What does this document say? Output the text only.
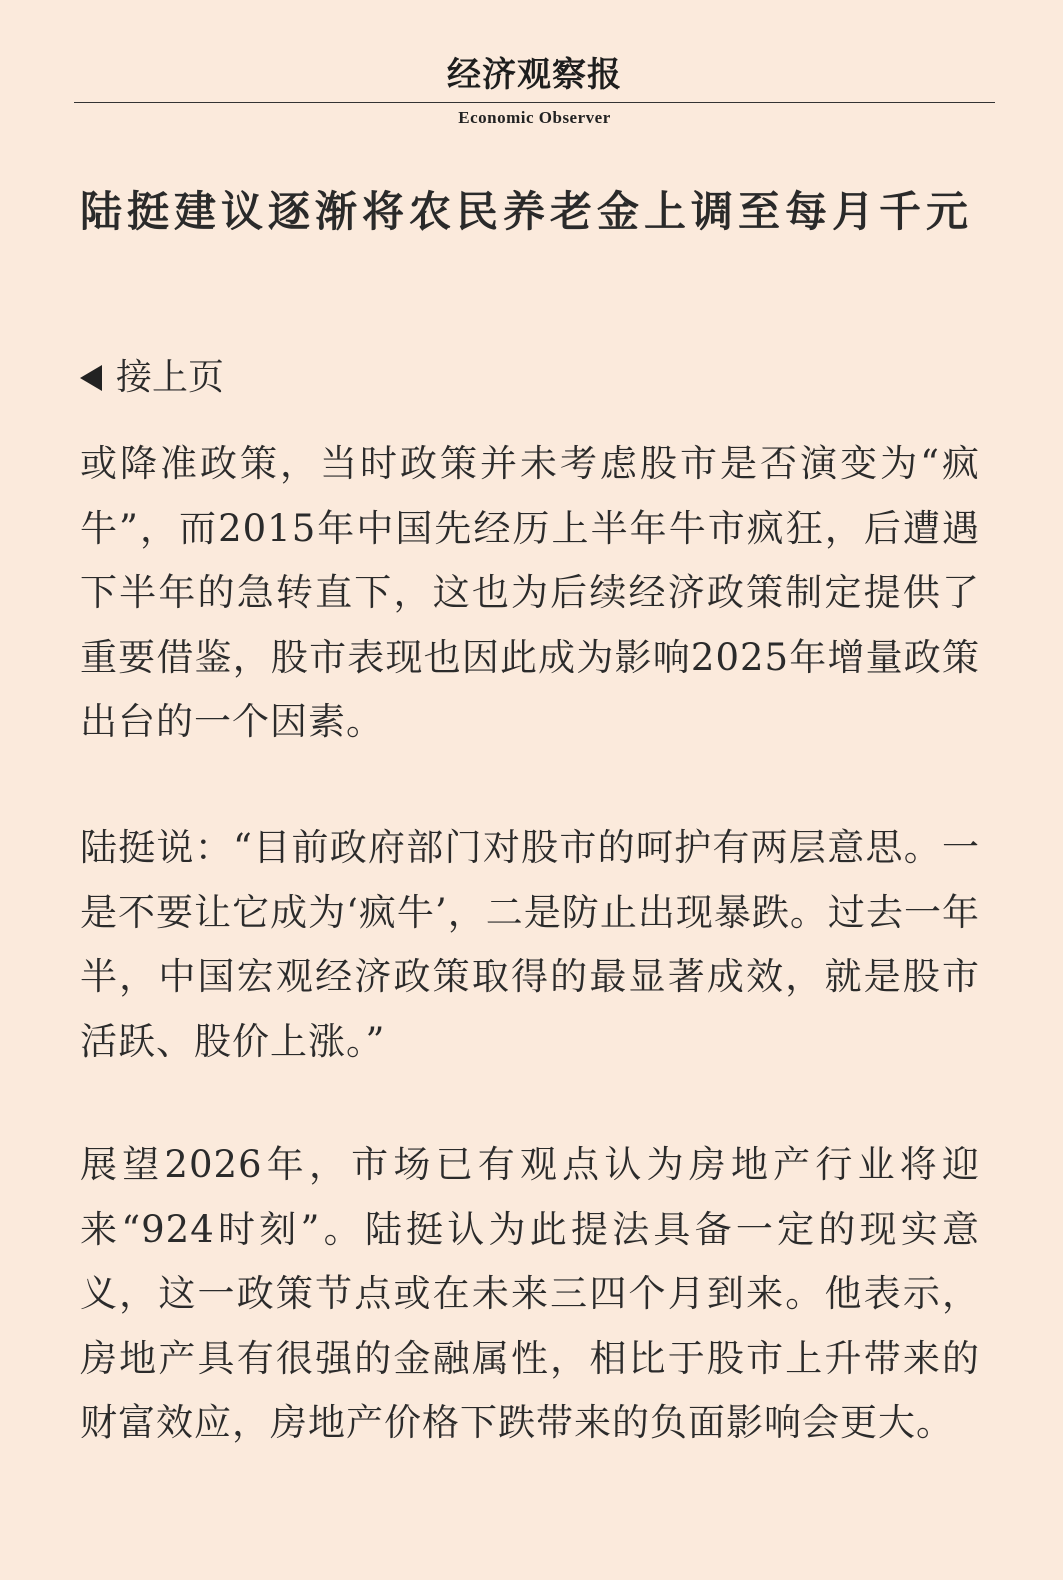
经济观察报
Economic Observer
陆挺建议逐渐将农民养老金上调至每月千元
接上页

或降准政策，当时政策并未考虑股市是否演变为“疯牛”，而2015年中国先经历上半年牛市疯狂，后遭遇下半年的急转直下，这也为后续经济政策制定提供了重要借鉴，股市表现也因此成为影响2025年增量政策出台的一个因素。

陆挺说：“目前政府部门对股市的呵护有两层意思。一是不要让它成为‘疯牛’，二是防止出现暴跌。过去一年半，中国宏观经济政策取得的最显著成效，就是股市活跃、股价上涨。”

展望2026年，市场已有观点认为房地产行业将迎来“924时刻”。陆挺认为此提法具备一定的现实意义，这一政策节点或在未来三四个月到来。他表示，房地产具有很强的金融属性，相比于股市上升带来的财富效应，房地产价格下跌带来的负面影响会更大。
